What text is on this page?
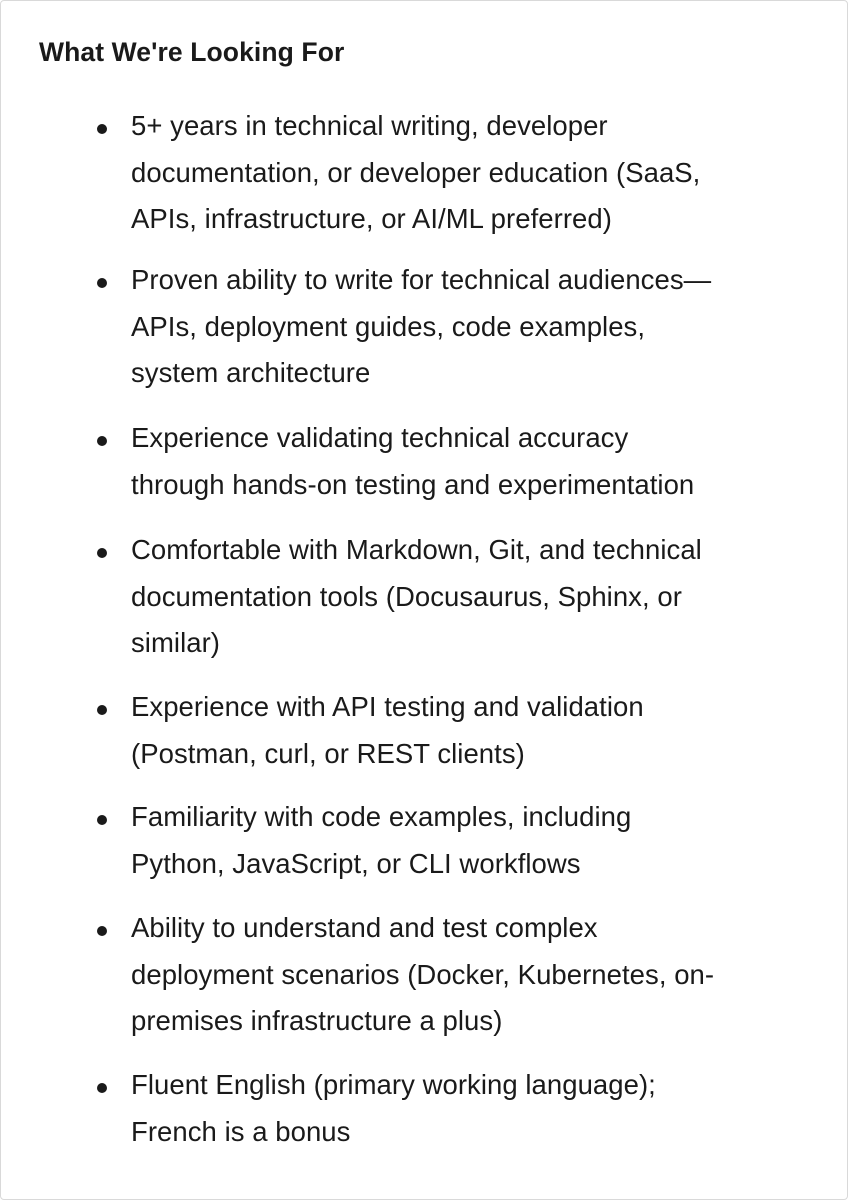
What We're Looking For

5+ years in technical writing, developer
documentation, or developer education (SaaS,
APIs, infrastructure, or AI/ML preferred)

Proven ability to write for technical audiences—
APIs, deployment guides, code examples,
system architecture

Experience validating technical accuracy
through hands-on testing and experimentation

Comfortable with Markdown, Git, and technical
documentation tools (Docusaurus, Sphinx, or
similar)

Experience with API testing and validation
(Postman, curl, or REST clients)

Familiarity with code examples, including
Python, JavaScript, or CLI workflows

Ability to understand and test complex
deployment scenarios (Docker, Kubernetes, on-
premises infrastructure a plus)

Fluent English (primary working language);
French is a bonus
